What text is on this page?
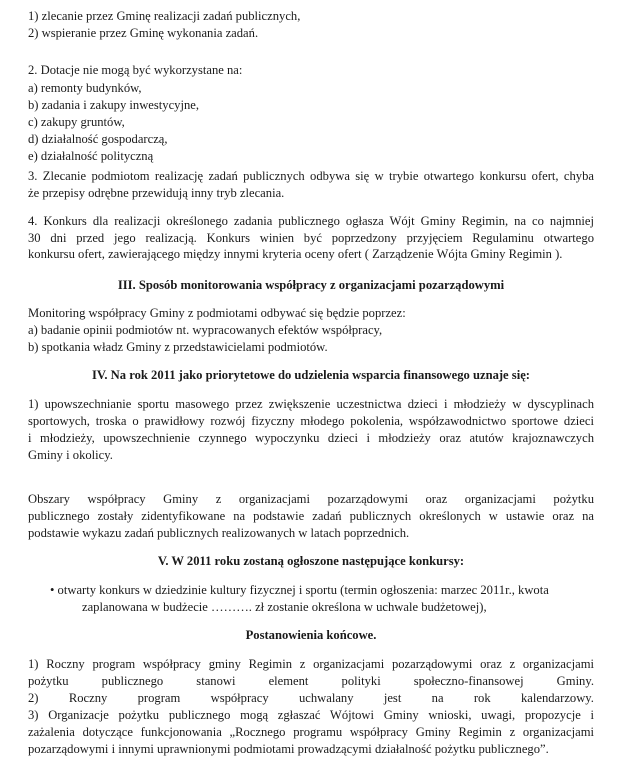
1) zlecanie przez Gminę realizacji zadań publicznych,
2) wspieranie przez Gminę wykonania zadań.
2. Dotacje nie mogą być wykorzystane na:
a) remonty budynków,
b) zadania i zakupy inwestycyjne,
c) zakupy gruntów,
d) działalność gospodarczą,
e) działalność polityczną
3. Zlecanie podmiotom realizację zadań publicznych odbywa się w trybie otwartego konkursu ofert, chyba
że przepisy odrębne przewidują inny tryb zlecania.
4. Konkurs dla realizacji określonego zadania publicznego ogłasza Wójt Gminy Regimin, na co najmniej
30 dni przed jego realizacją. Konkurs winien być poprzedzony przyjęciem Regulaminu otwartego
konkursu ofert, zawierającego między innymi kryteria oceny ofert ( Zarządzenie Wójta Gminy Regimin ).
III. Sposób monitorowania współpracy z organizacjami pozarządowymi
Monitoring współpracy Gminy z podmiotami odbywać się będzie poprzez:
a) badanie opinii podmiotów nt. wypracowanych efektów współpracy,
b) spotkania władz Gminy z przedstawicielami podmiotów.
IV. Na rok 2011 jako priorytetowe do udzielenia wsparcia finansowego uznaje się:
1) upowszechnianie sportu masowego przez zwiększenie uczestnictwa dzieci i młodzieży w dyscyplinach
sportowych, troska o prawidłowy rozwój fizyczny młodego pokolenia, współzawodnictwo sportowe dzieci
i młodzieży, upowszechnienie czynnego wypoczynku dzieci i młodzieży oraz atutów krajoznawczych
Gminy i okolicy.
Obszary współpracy Gminy z organizacjami pozarządowymi oraz organizacjami pożytku
publicznego zostały zidentyfikowane na podstawie zadań publicznych określonych w ustawie oraz na
podstawie wykazu zadań publicznych realizowanych w latach poprzednich.
V. W 2011 roku zostaną ogłoszone następujące konkursy:
• otwarty konkurs w dziedzinie kultury fizycznej i sportu (termin ogłoszenia: marzec 2011r., kwota
zaplanowana w budżecie ………. zł zostanie określona w uchwale budżetowej),
Postanowienia końcowe.
1) Roczny program współpracy gminy Regimin z organizacjami pozarządowymi oraz z organizacjami
pożytku	publicznego	stanowi	element	polityki	społeczno-finansowej	Gminy.
2) Roczny program współpracy uchwalany jest na rok kalendarzowy.
3) Organizacje pożytku publicznego mogą zgłaszać Wójtowi Gminy wnioski, uwagi, propozycje i
zażalenia dotyczące funkcjonowania „Rocznego programu współpracy Gminy Regimin z organizacjami
pozarządowymi i innymi uprawnionymi podmiotami prowadzącymi działalność pożytku publicznego”.
